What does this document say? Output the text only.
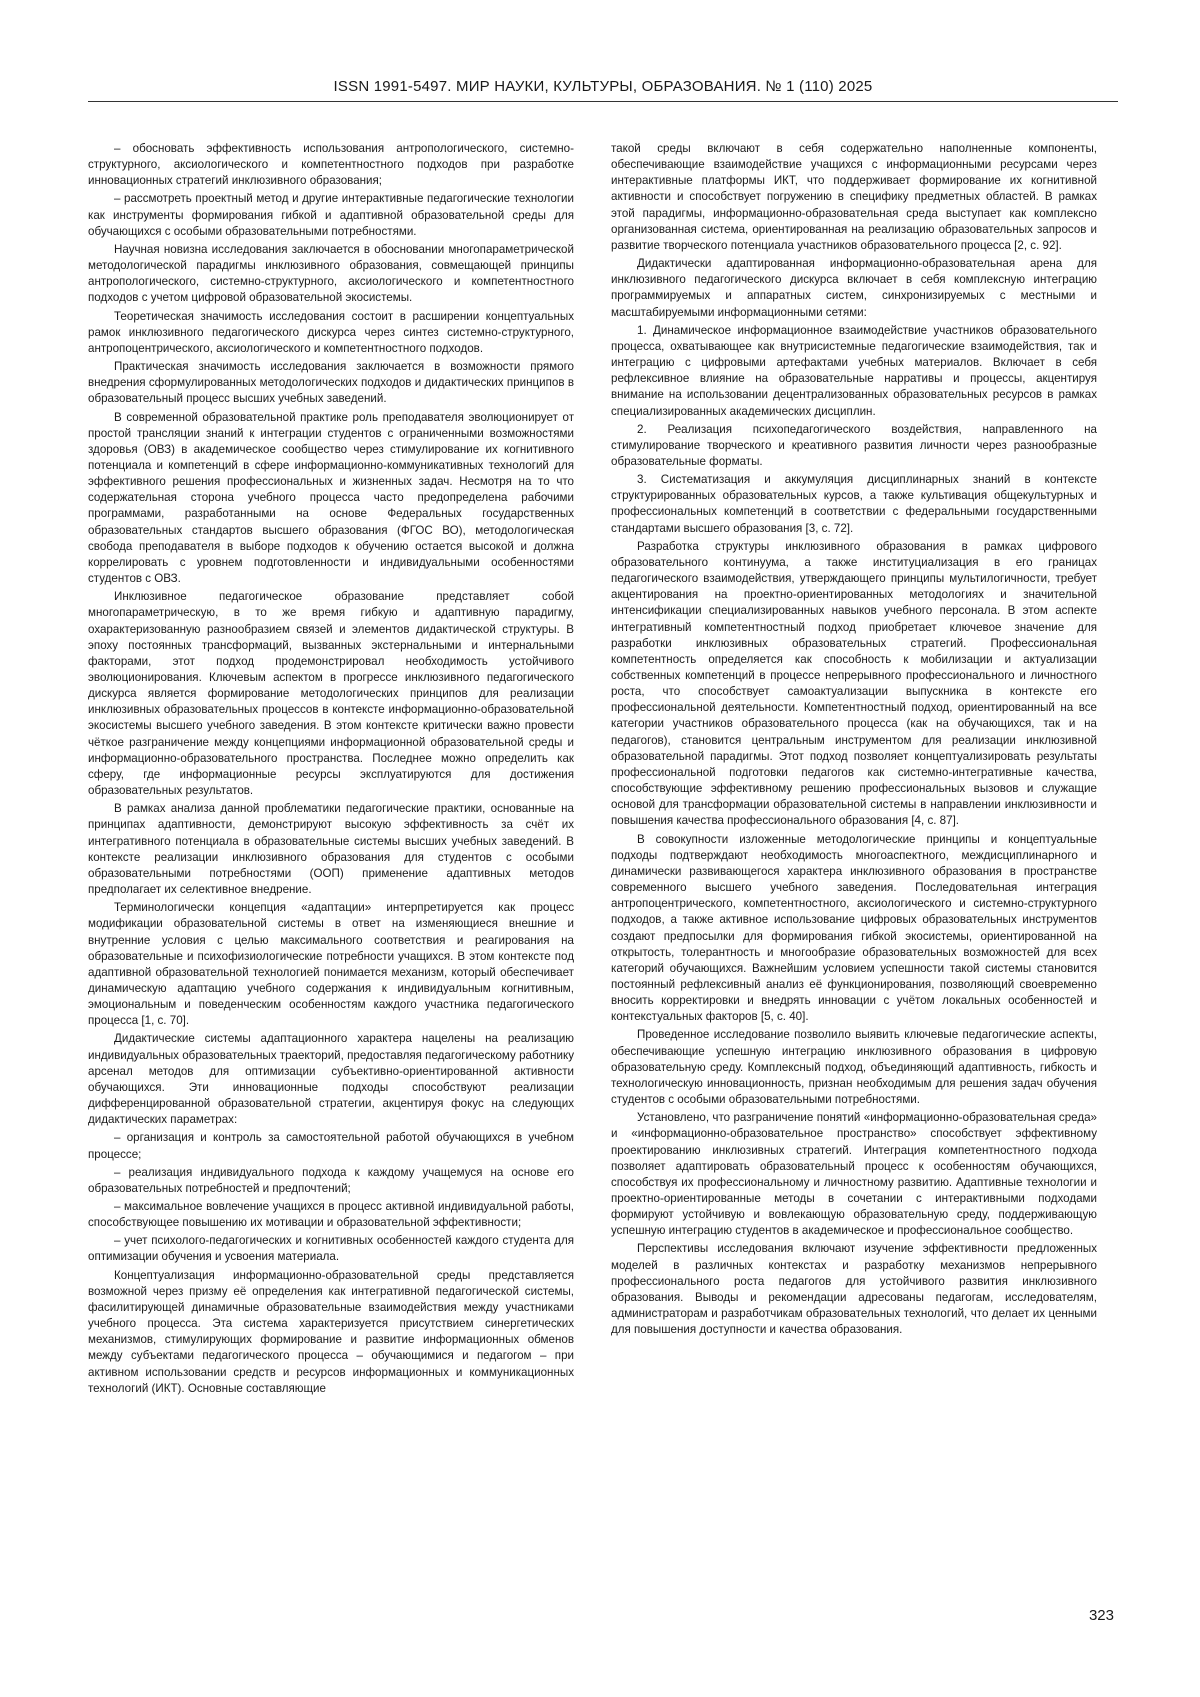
ISSN 1991-5497. МИР НАУКИ, КУЛЬТУРЫ, ОБРАЗОВАНИЯ. № 1 (110) 2025

– обосновать эффективность использования антропологического, системно-структурного, аксиологического и компетентностного подходов при разработке инновационных стратегий инклюзивного образования;

– рассмотреть проектный метод и другие интерактивные педагогические технологии как инструменты формирования гибкой и адаптивной образовательной среды для обучающихся с особыми образовательными потребностями.

Научная новизна исследования заключается в обосновании многопараметрической методологической парадигмы инклюзивного образования, совмещающей принципы антропологического, системно-структурного, аксиологического и компетентностного подходов с учетом цифровой образовательной экосистемы.

Теоретическая значимость исследования состоит в расширении концептуальных рамок инклюзивного педагогического дискурса через синтез системно-структурного, антропоцентрического, аксиологического и компетентностного подходов.

Практическая значимость исследования заключается в возможности прямого внедрения сформулированных методологических подходов и дидактических принципов в образовательный процесс высших учебных заведений.

В современной образовательной практике роль преподавателя эволюционирует от простой трансляции знаний к интеграции студентов с ограниченными возможностями здоровья (ОВЗ) в академическое сообщество через стимулирование их когнитивного потенциала и компетенций в сфере информационно-коммуникативных технологий для эффективного решения профессиональных и жизненных задач. Несмотря на то что содержательная сторона учебного процесса часто предопределена рабочими программами, разработанными на основе Федеральных государственных образовательных стандартов высшего образования (ФГОС ВО), методологическая свобода преподавателя в выборе подходов к обучению остается высокой и должна коррелировать с уровнем подготовленности и индивидуальными особенностями студентов с ОВЗ.

Инклюзивное педагогическое образование представляет собой многопараметрическую, в то же время гибкую и адаптивную парадигму, охарактеризованную разнообразием связей и элементов дидактической структуры. В эпоху постоянных трансформаций, вызванных экстернальными и интернальными факторами, этот подход продемонстрировал необходимость устойчивого эволюционирования. Ключевым аспектом в прогрессе инклюзивного педагогического дискурса является формирование методологических принципов для реализации инклюзивных образовательных процессов в контексте информационно-образовательной экосистемы высшего учебного заведения. В этом контексте критически важно провести чёткое разграничение между концепциями информационной образовательной среды и информационно-образовательного пространства. Последнее можно определить как сферу, где информационные ресурсы эксплуатируются для достижения образовательных результатов.

В рамках анализа данной проблематики педагогические практики, основанные на принципах адаптивности, демонстрируют высокую эффективность за счёт их интегративного потенциала в образовательные системы высших учебных заведений. В контексте реализации инклюзивного образования для студентов с особыми образовательными потребностями (ООП) применение адаптивных методов предполагает их селективное внедрение.

Терминологически концепция «адаптации» интерпретируется как процесс модификации образовательной системы в ответ на изменяющиеся внешние и внутренние условия с целью максимального соответствия и реагирования на образовательные и психофизиологические потребности учащихся. В этом контексте под адаптивной образовательной технологией понимается механизм, который обеспечивает динамическую адаптацию учебного содержания к индивидуальным когнитивным, эмоциональным и поведенческим особенностям каждого участника педагогического процесса [1, с. 70].

Дидактические системы адаптационного характера нацелены на реализацию индивидуальных образовательных траекторий, предоставляя педагогическому работнику арсенал методов для оптимизации субъективно-ориентированной активности обучающихся. Эти инновационные подходы способствуют реализации дифференцированной образовательной стратегии, акцентируя фокус на следующих дидактических параметрах:

– организация и контроль за самостоятельной работой обучающихся в учебном процессе;

– реализация индивидуального подхода к каждому учащемуся на основе его образовательных потребностей и предпочтений;

– максимальное вовлечение учащихся в процесс активной индивидуальной работы, способствующее повышению их мотивации и образовательной эффективности;

– учет психолого-педагогических и когнитивных особенностей каждого студента для оптимизации обучения и усвоения материала.

Концептуализация информационно-образовательной среды представляется возможной через призму её определения как интегративной педагогической системы, фасилитирующей динамичные образовательные взаимодействия между участниками учебного процесса. Эта система характеризуется присутствием синергетических механизмов, стимулирующих формирование и развитие информационных обменов между субъектами педагогического процесса – обучающимися и педагогом – при активном использовании средств и ресурсов информационных и коммуникационных технологий (ИКТ). Основные составляющие

такой среды включают в себя содержательно наполненные компоненты, обеспечивающие взаимодействие учащихся с информационными ресурсами через интерактивные платформы ИКТ, что поддерживает формирование их когнитивной активности и способствует погружению в специфику предметных областей. В рамках этой парадигмы, информационно-образовательная среда выступает как комплексно организованная система, ориентированная на реализацию образовательных запросов и развитие творческого потенциала участников образовательного процесса [2, с. 92].

Дидактически адаптированная информационно-образовательная арена для инклюзивного педагогического дискурса включает в себя комплексную интеграцию программируемых и аппаратных систем, синхронизируемых с местными и масштабируемыми информационными сетями:

1. Динамическое информационное взаимодействие участников образовательного процесса, охватывающее как внутрисистемные педагогические взаимодействия, так и интеграцию с цифровыми артефактами учебных материалов. Включает в себя рефлексивное влияние на образовательные нарративы и процессы, акцентируя внимание на использовании децентрализованных образовательных ресурсов в рамках специализированных академических дисциплин.

2. Реализация психопедагогического воздействия, направленного на стимулирование творческого и креативного развития личности через разнообразные образовательные форматы.

3. Систематизация и аккумуляция дисциплинарных знаний в контексте структурированных образовательных курсов, а также культивация общекультурных и профессиональных компетенций в соответствии с федеральными государственными стандартами высшего образования [3, с. 72].

Разработка структуры инклюзивного образования в рамках цифрового образовательного континуума, а также институциализация в его границах педагогического взаимодействия, утверждающего принципы мультилогичности, требует акцентирования на проектно-ориентированных методологиях и значительной интенсификации специализированных навыков учебного персонала. В этом аспекте интегративный компетентностный подход приобретает ключевое значение для разработки инклюзивных образовательных стратегий. Профессиональная компетентность определяется как способность к мобилизации и актуализации собственных компетенций в процессе непрерывного профессионального и личностного роста, что способствует самоактуализации выпускника в контексте его профессиональной деятельности. Компетентностный подход, ориентированный на все категории участников образовательного процесса (как на обучающихся, так и на педагогов), становится центральным инструментом для реализации инклюзивной образовательной парадигмы. Этот подход позволяет концептуализировать результаты профессиональной подготовки педагогов как системно-интегративные качества, способствующие эффективному решению профессиональных вызовов и служащие основой для трансформации образовательной системы в направлении инклюзивности и повышения качества профессионального образования [4, с. 87].

В совокупности изложенные методологические принципы и концептуальные подходы подтверждают необходимость многоаспектного, междисциплинарного и динамически развивающегося характера инклюзивного образования в пространстве современного высшего учебного заведения. Последовательная интеграция антропоцентрического, компетентностного, аксиологического и системно-структурного подходов, а также активное использование цифровых образовательных инструментов создают предпосылки для формирования гибкой экосистемы, ориентированной на открытость, толерантность и многообразие образовательных возможностей для всех категорий обучающихся. Важнейшим условием успешности такой системы становится постоянный рефлексивный анализ её функционирования, позволяющий своевременно вносить корректировки и внедрять инновации с учётом локальных особенностей и контекстуальных факторов [5, с. 40].

Проведенное исследование позволило выявить ключевые педагогические аспекты, обеспечивающие успешную интеграцию инклюзивного образования в цифровую образовательную среду. Комплексный подход, объединяющий адаптивность, гибкость и технологическую инновационность, признан необходимым для решения задач обучения студентов с особыми образовательными потребностями.

Установлено, что разграничение понятий «информационно-образовательная среда» и «информационно-образовательное пространство» способствует эффективному проектированию инклюзивных стратегий. Интеграция компетентностного подхода позволяет адаптировать образовательный процесс к особенностям обучающихся, способствуя их профессиональному и личностному развитию. Адаптивные технологии и проектно-ориентированные методы в сочетании с интерактивными подходами формируют устойчивую и вовлекающую образовательную среду, поддерживающую успешную интеграцию студентов в академическое и профессиональное сообщество.

Перспективы исследования включают изучение эффективности предложенных моделей в различных контекстах и разработку механизмов непрерывного профессионального роста педагогов для устойчивого развития инклюзивного образования. Выводы и рекомендации адресованы педагогам, исследователям, администраторам и разработчикам образовательных технологий, что делает их ценными для повышения доступности и качества образования.

323
